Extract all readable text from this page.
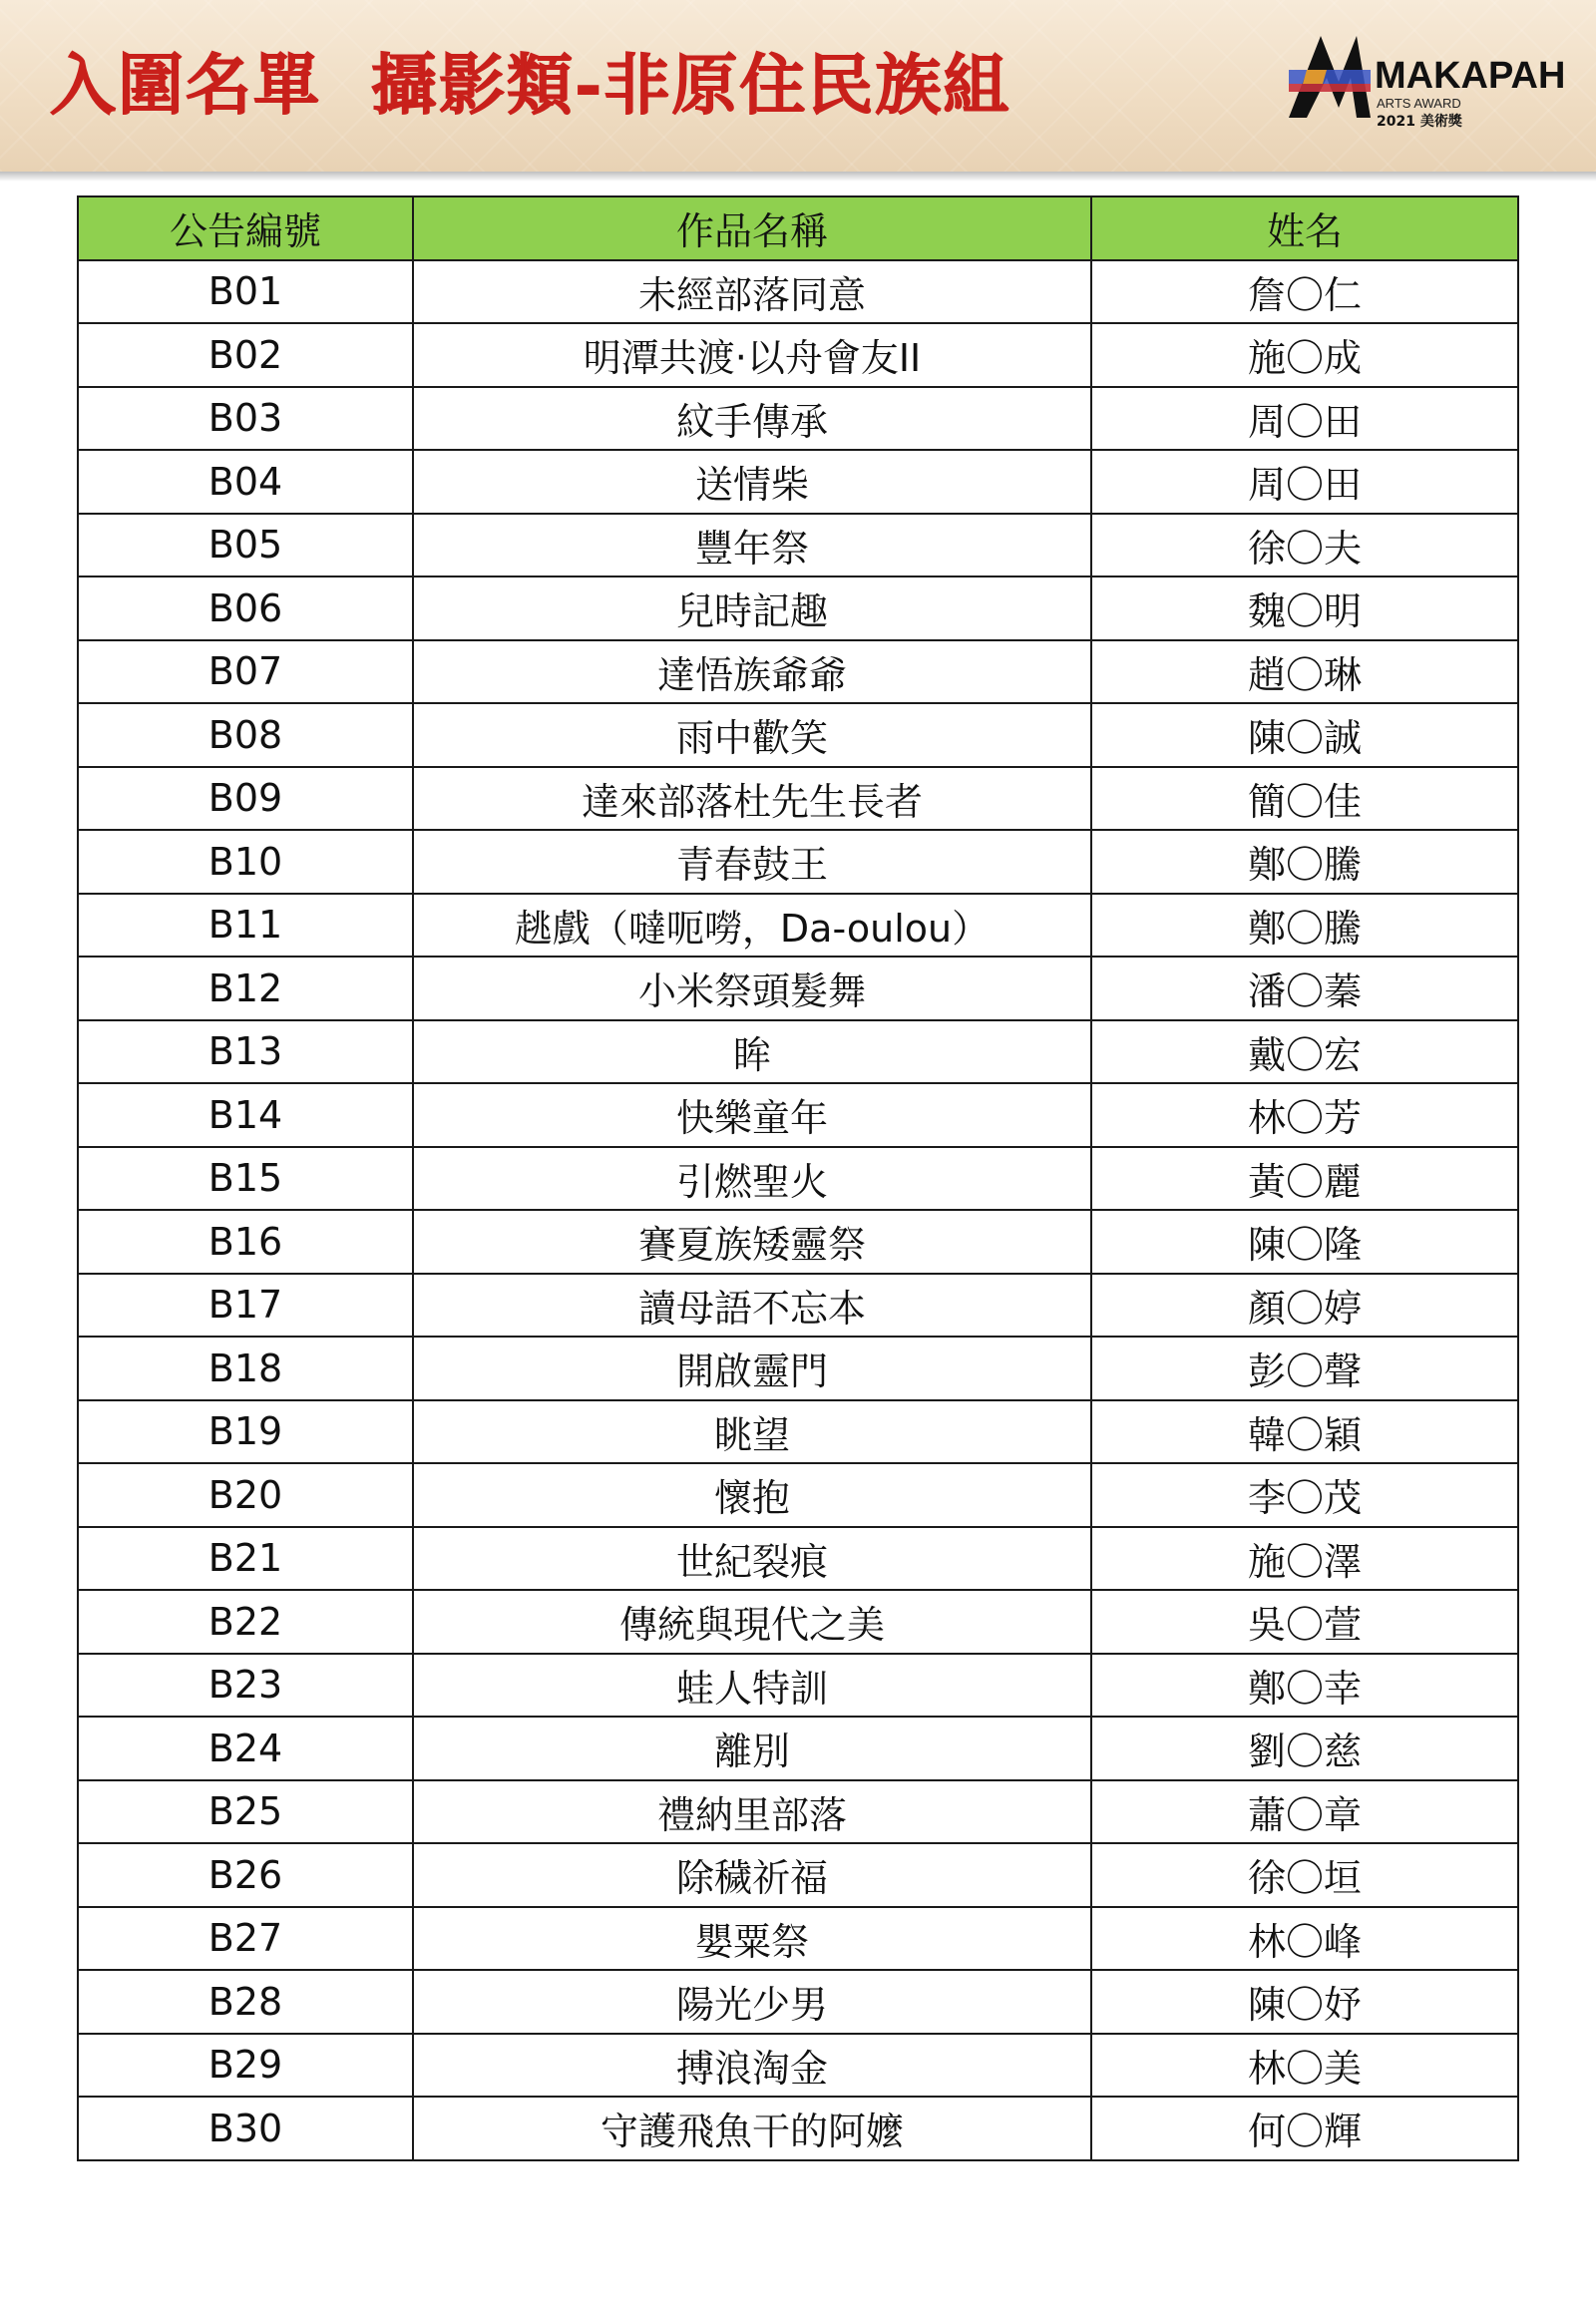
入圍名單  攝影類-非原住民族組	MAKAPAH
ARTS AWARD
2021 美術獎
公告編號	作品名稱	姓名
B01	未經部落同意	詹〇仁
B02	明潭共渡‧以舟會友II	施〇成
B03	紋手傳承	周〇田
B04	送情柴	周〇田
B05	豐年祭	徐〇夫
B06	兒時記趣	魏〇明
B07	達悟族爺爺	趙〇琳
B08	雨中歡笑	陳〇誠
B09	達來部落杜先生長者	簡〇佳
B10	青春鼓王	鄭〇騰
B11	趒戲（噠呃嘮，Da-oulou）	鄭〇騰
B12	小米祭頭髮舞	潘〇蓁
B13	眸	戴〇宏
B14	快樂童年	林〇芳
B15	引燃聖火	黃〇麗
B16	賽夏族矮靈祭	陳〇隆
B17	讀母語不忘本	顏〇婷
B18	開啟靈門	彭〇聲
B19	眺望	韓〇穎
B20	懷抱	李〇茂
B21	世紀裂痕	施〇澤
B22	傳統與現代之美	吳〇萱
B23	蛙人特訓	鄭〇幸
B24	離別	劉〇慈
B25	禮納里部落	蕭〇章
B26	除穢祈福	徐〇垣
B27	嬰粟祭	林〇峰
B28	陽光少男	陳〇妤
B29	搏浪淘金	林〇美
B30	守護飛魚干的阿嬤	何〇輝
